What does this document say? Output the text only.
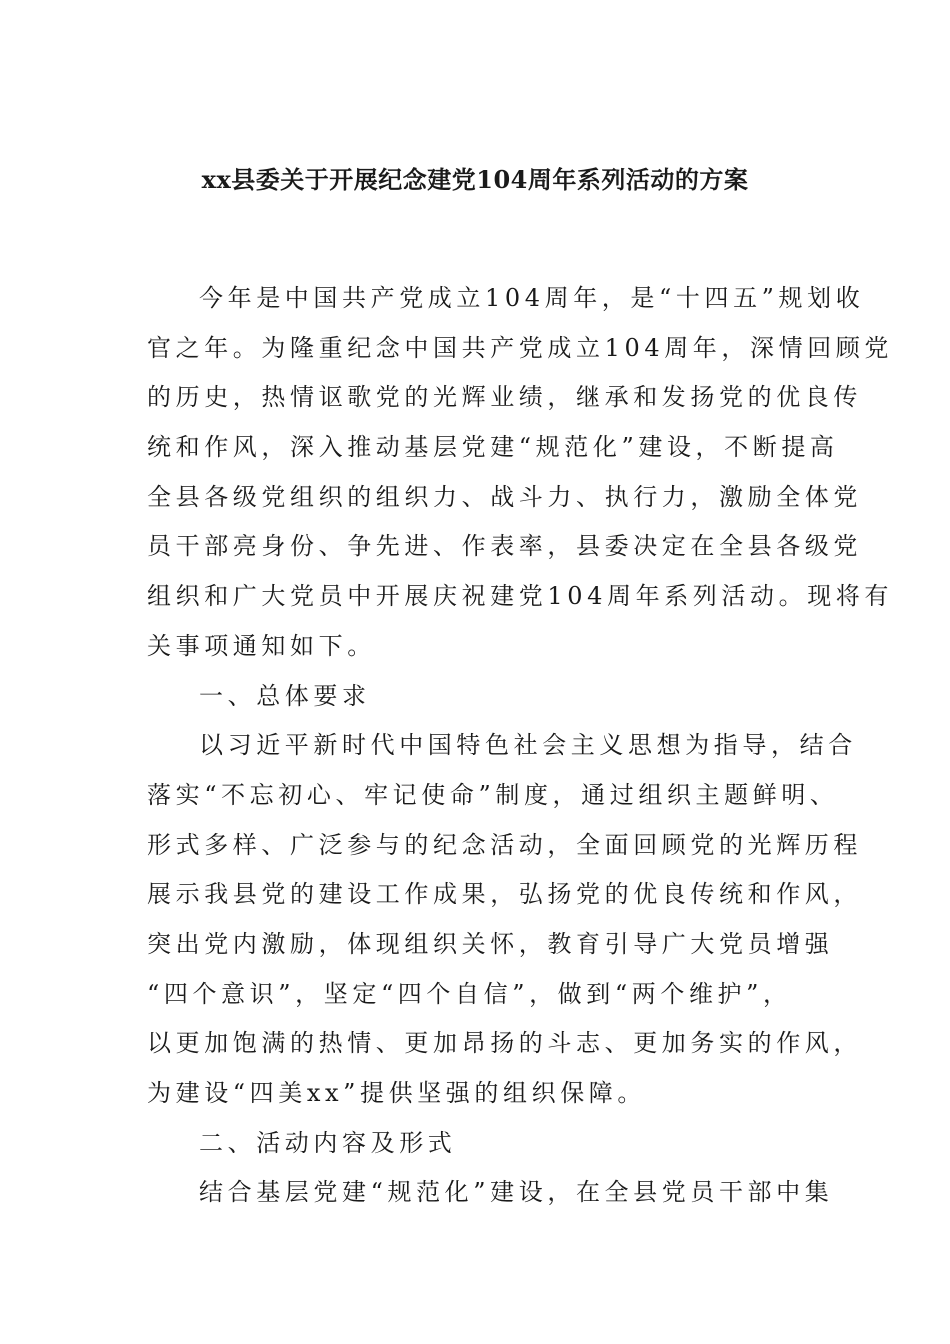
xx县委关于开展纪念建党104周年系列活动的方案
今年是中国共产党成立104周年，是“十四五”规划收
官之年。为隆重纪念中国共产党成立104周年，深情回顾党
的历史，热情讴歌党的光辉业绩，继承和发扬党的优良传
统和作风，深入推动基层党建“规范化”建设，不断提高
全县各级党组织的组织力、战斗力、执行力，激励全体党
员干部亮身份、争先进、作表率，县委决定在全县各级党
组织和广大党员中开展庆祝建党104周年系列活动。现将有
关事项通知如下。
一、总体要求
以习近平新时代中国特色社会主义思想为指导，结合
落实“不忘初心、牢记使命”制度，通过组织主题鲜明、
形式多样、广泛参与的纪念活动，全面回顾党的光辉历程
展示我县党的建设工作成果，弘扬党的优良传统和作风，
突出党内激励，体现组织关怀，教育引导广大党员增强
“四个意识”，坚定“四个自信”，做到“两个维护”，
以更加饱满的热情、更加昂扬的斗志、更加务实的作风，
为建设“四美xx”提供坚强的组织保障。
二、活动内容及形式
结合基层党建“规范化”建设，在全县党员干部中集
